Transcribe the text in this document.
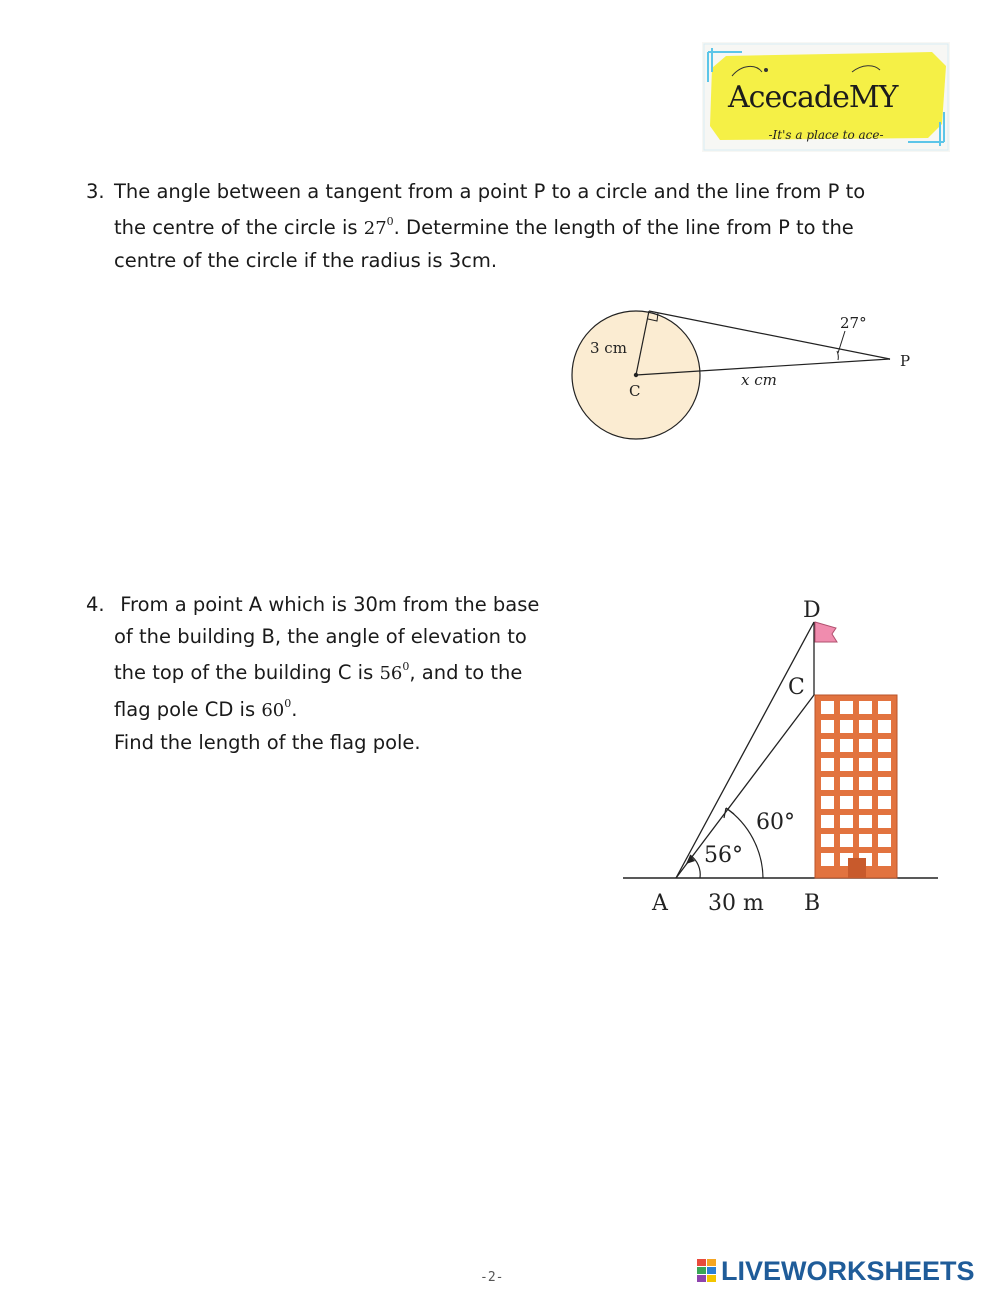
AcecadeMY
-It's a place to ace-
3. The angle between a tangent from a point P to a circle and the line from P to
the centre of the circle is $27^0$. Determine the length of the line from P to the
centre of the circle if the radius is 3cm.
3 cm
C
P
27°
x cm
4. From a point A which is 30m from the base
of the building B, the angle of elevation to
the top of the building C is $56^0$, and to the
flag pole CD is $60^0$.
Find the length of the flag pole.
D
C
A	B
60°
56°
30 m
-2-	LIVEWORKSHEETS
